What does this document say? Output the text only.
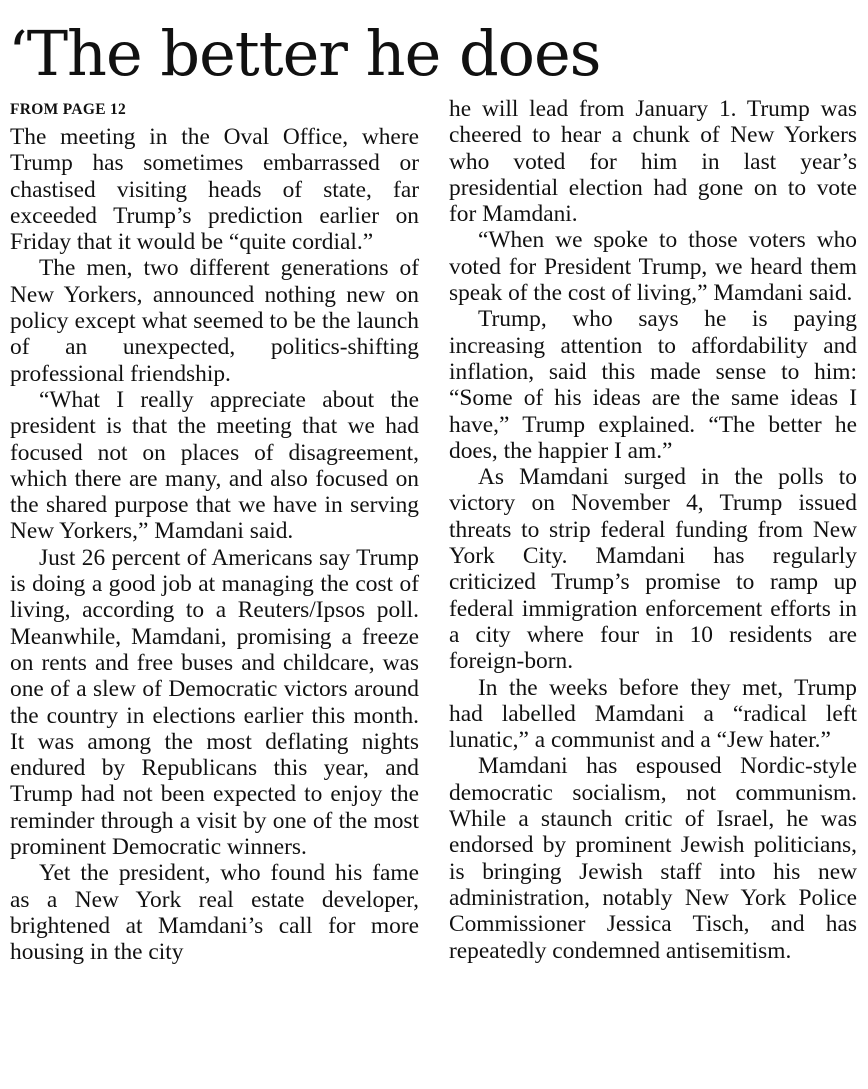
‘The better he does
FROM PAGE 12

The meeting in the Oval Office, where Trump has sometimes embarrassed or chastised visiting heads of state, far exceeded Trump’s prediction earlier on Friday that it would be “quite cordial.”

The men, two different generations of New Yorkers, announced nothing new on policy except what seemed to be the launch of an unexpected, politics-shifting professional friendship.

“What I really appreciate about the president is that the meeting that we had focused not on places of disagreement, which there are many, and also focused on the shared purpose that we have in serving New Yorkers,” Mamdani said.

Just 26 percent of Americans say Trump is doing a good job at managing the cost of living, according to a Reuters/Ipsos poll. Meanwhile, Mamdani, promising a freeze on rents and free buses and childcare, was one of a slew of Democratic victors around the country in elections earlier this month. It was among the most deflating nights endured by Republicans this year, and Trump had not been expected to enjoy the reminder through a visit by one of the most prominent Democratic winners.

Yet the president, who found his fame as a New York real estate developer, brightened at Mamdani’s call for more housing in the city

he will lead from January 1. Trump was cheered to hear a chunk of New Yorkers who voted for him in last year’s presidential election had gone on to vote for Mamdani.

“When we spoke to those voters who voted for President Trump, we heard them speak of the cost of living,” Mamdani said.

Trump, who says he is paying increasing attention to affordability and inflation, said this made sense to him: “Some of his ideas are the same ideas I have,” Trump explained. “The better he does, the happier I am.”

As Mamdani surged in the polls to victory on November 4, Trump issued threats to strip federal funding from New York City. Mamdani has regularly criticized Trump’s promise to ramp up federal immigration enforcement efforts in a city where four in 10 residents are foreign-born.

In the weeks before they met, Trump had labelled Mamdani a “radical left lunatic,” a communist and a “Jew hater.”

Mamdani has espoused Nordic-style democratic socialism, not communism. While a staunch critic of Israel, he was endorsed by prominent Jewish politicians, is bringing Jewish staff into his new administration, notably New York Police Commissioner Jessica Tisch, and has repeatedly condemned antisemitism.
